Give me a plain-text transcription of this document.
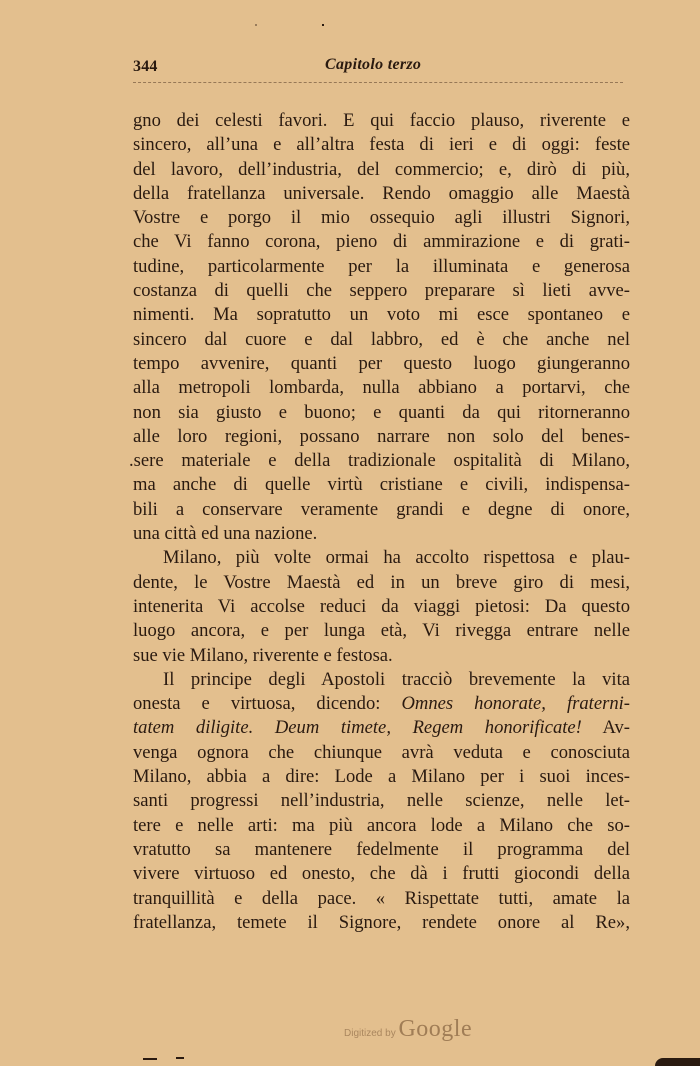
344	Capitolo terzo
gno dei celesti favori. E qui faccio plauso, riverente e
sincero, all’una e all’altra festa di ieri e di oggi: feste
del lavoro, dell’industria, del commercio; e, dirò di più,
della fratellanza universale. Rendo omaggio alle Maestà
Vostre e porgo il mio ossequio agli illustri Signori,
che Vi fanno corona, pieno di ammirazione e di grati-
tudine, particolarmente per la illuminata e generosa
costanza di quelli che seppero preparare sì lieti avve-
nimenti. Ma sopratutto un voto mi esce spontaneo e
sincero dal cuore e dal labbro, ed è che anche nel
tempo avvenire, quanti per questo luogo giungeranno
alla metropoli lombarda, nulla abbiano a portarvi, che
non sia giusto e buono; e quanti da qui ritorneranno
alle loro regioni, possano narrare non solo del benes-
.sere materiale e della tradizionale ospitalità di Milano,
ma anche di quelle virtù cristiane e civili, indispensa-
bili a conservare veramente grandi e degne di onore,
una città ed una nazione.
Milano, più volte ormai ha accolto rispettosa e plau-
dente, le Vostre Maestà ed in un breve giro di mesi,
intenerita Vi accolse reduci da viaggi pietosi: Da questo
luogo ancora, e per lunga età, Vi rivegga entrare nelle
sue vie Milano, riverente e festosa.
Il principe degli Apostoli tracciò brevemente la vita
onesta e virtuosa, dicendo: Omnes honorate, fraterni-
tatem diligite. Deum timete, Regem honorificate! Av-
venga ognora che chiunque avrà veduta e conosciuta
Milano, abbia a dire: Lode a Milano per i suoi inces-
santi progressi nell’industria, nelle scienze, nelle let-
tere e nelle arti: ma più ancora lode a Milano che so-
vratutto sa mantenere fedelmente il programma del
vivere virtuoso ed onesto, che dà i frutti giocondi della
tranquillità e della pace. « Rispettate tutti, amate la
fratellanza, temete il Signore, rendete onore al Re»,
Digitized by Google
